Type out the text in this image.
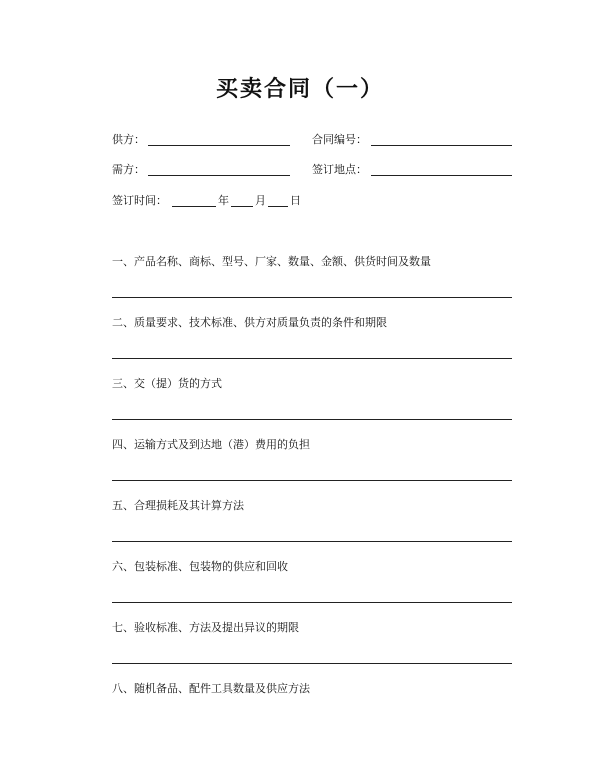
买卖合同（一）
供方：	合同编号：
需方：	签订地点：
签订时间：	年 月 日
一、产品名称、商标、型号、厂家、数量、金额、供货时间及数量
二、质量要求、技术标准、供方对质量负责的条件和期限
三、交（提）货的方式
四、运输方式及到达地（港）费用的负担
五、合理损耗及其计算方法
六、包装标准、包装物的供应和回收
七、验收标准、方法及提出异议的期限
八、随机备品、配件工具数量及供应方法
